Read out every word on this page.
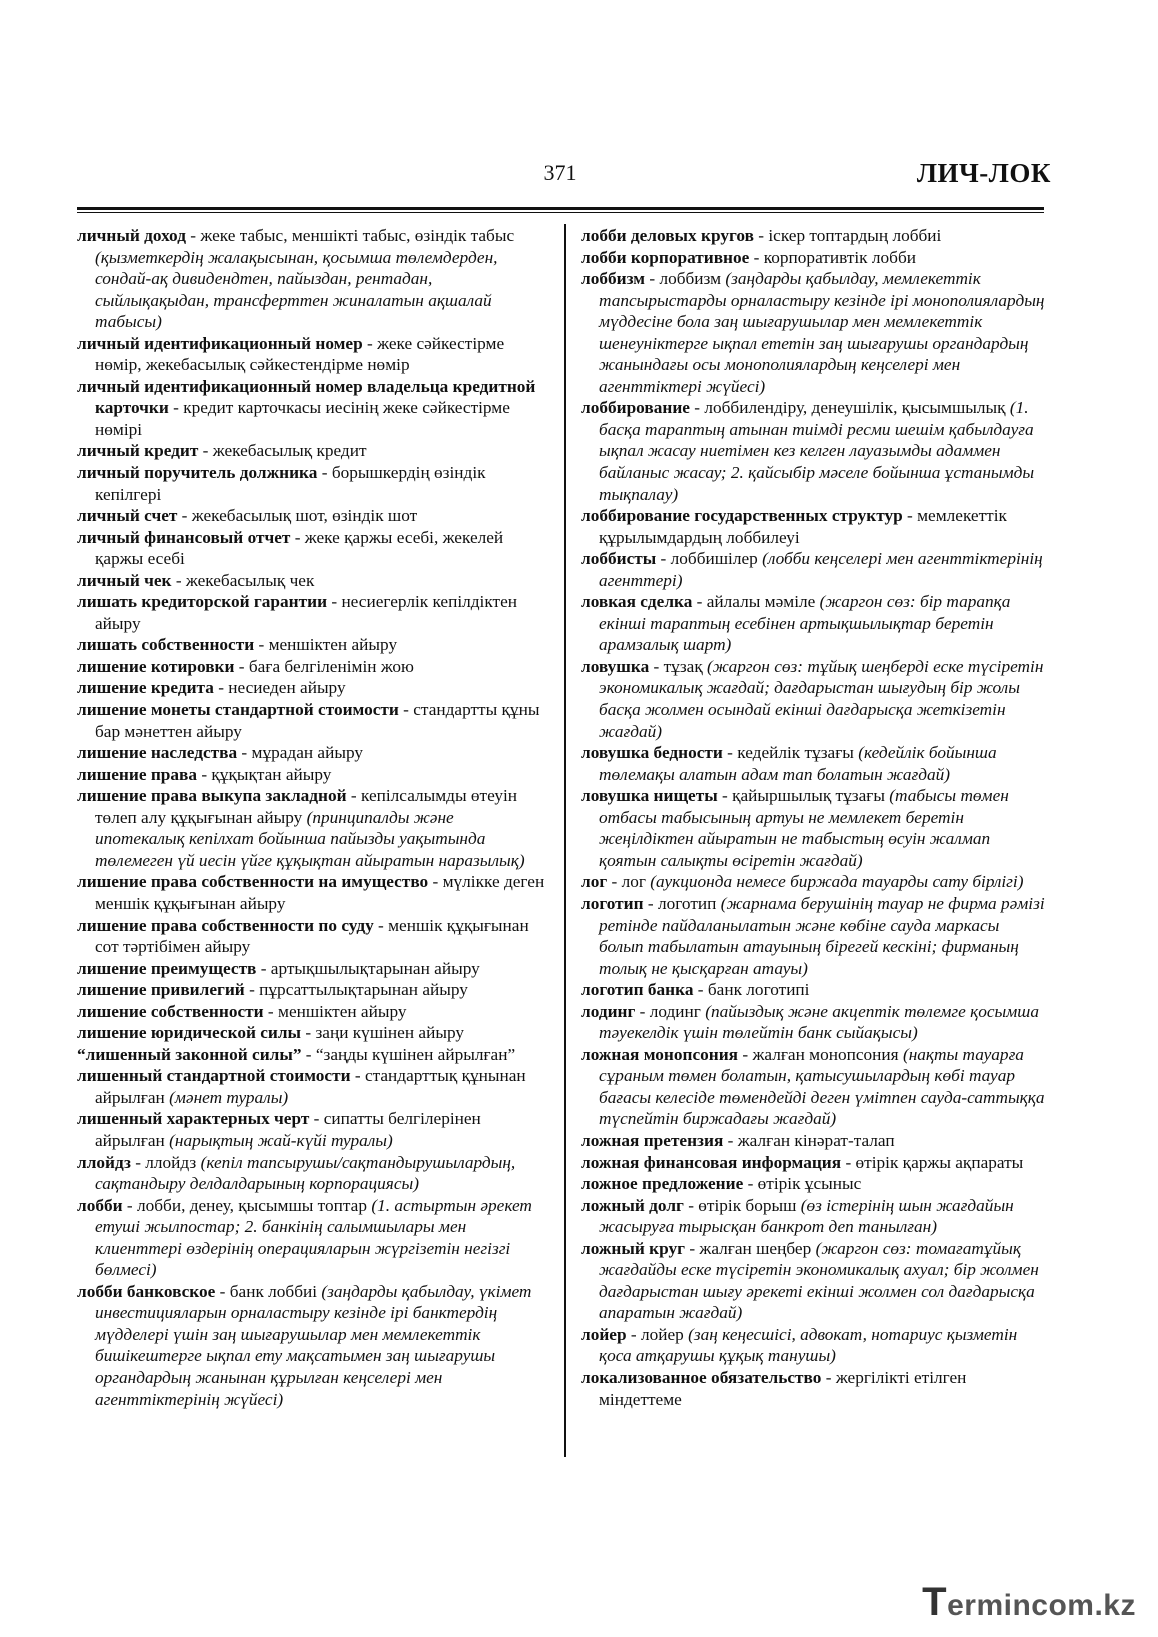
371	ЛИЧ-ЛОК
личный доход - жеке табыс, меншікті табыс, өзіндік табыс (қызметкердің жалақысынан, қосымша төлемдерден, сондай-ақ дивидендтен, пайыздан, рентадан, сыйлықақыдан, трансферттен жиналатын ақшалай табысы)
личный идентификационный номер - жеке сәйкестірме нөмір, жекебасылық сәйкестендірме нөмір
личный идентификационный номер владельца кредитной карточки - кредит карточкасы иесінің жеке сәйкестірме нөмірі
личный кредит - жекебасылық кредит
личный поручитель должника - борышкердің өзіндік кепілгері
личный счет - жекебасылық шот, өзіндік шот
личный финансовый отчет - жеке қаржы есебі, жекелей қаржы есебі
личный чек - жекебасылық чек
лишать кредиторской гарантии - несиегерлік кепілдіктен айыру
лишать собственности - меншіктен айыру
лишение котировки - баға белгіленімін жою
лишение кредита - несиеден айыру
лишение монеты стандартной стоимости - стандартты құны бар мәнеттен айыру
лишение наследства - мұрадан айыру
лишение права - құқықтан айыру
лишение права выкупа закладной - кепілсалымды өтеуін төлеп алу құқығынан айыру (принципалды және ипотекалық кепілхат бойынша пайызды уақытында төлемеген үй иесін үйге құқықтан айыратын наразылық)
лишение права собственности на имущество - мүлікке деген меншік құқығынан айыру
лишение права собственности по суду - меншік құқығынан сот тәртібімен айыру
лишение преимуществ - артықшылықтарынан айыру
лишение привилегий - пұрсаттылықтарынан айыру
лишение собственности - меншіктен айыру
лишение юридической силы - заңи күшінен айыру
“лишенный законной силы” - “заңды күшінен айрылған”
лишенный стандартной стоимости - стандарттық құнынан айрылған (мәнет туралы)
лишенный характерных черт - сипатты белгілерінен айрылған (нарықтың жай-күйі туралы)
ллойдз - ллойдз (кепіл тапсырушы/сақтандырушылардың, сақтандыру делдалдарының корпорациясы)
лобби - лобби, денеу, қысымшы топтар (1. астыртын әрекет етуші жылпостар; 2. банкінің салымшылары мен клиенттері өздерінің операцияларын жүргізетін негізгі бөлмесі)
лобби банковское - банк лоббиі (заңдарды қабылдау, үкімет инвестицияларын орналастыру кезінде ірі банктердің мүдделері үшін заң шығарушылар мен мемлекеттік бишікештерге ықпал ету мақсатымен заң шығарушы органдардың жанынан құрылған кеңселері мен агенттіктерінің жүйесі)
лобби деловых кругов - іскер топтардың лоббиі
лобби корпоративное - корпоративтік лобби
лоббизм - лоббизм (заңдарды қабылдау, мемлекеттік тапсырыстарды орналастыру кезінде ірі монополиялардың мүддесіне бола заң шығарушылар мен мемлекеттік шенеуніктерге ықпал ететін заң шығарушы органдардың жанындағы осы монополиялардың кеңселері мен агенттіктері жүйесі)
лоббирование - лоббилендіру, денеушілік, қысымшылық (1. басқа тараптың атынан тиімді ресми шешім қабылдауға ықпал жасау ниетімен кез келген лауазымды адаммен байланыс жасау; 2. қайсыбір мәселе бойынша ұстанымды тықпалау)
лоббирование государственных структур - мемлекеттік құрылымдардың лоббилеуі
лоббисты - лоббишілер (лобби кеңселері мен агенттіктерінің агенттері)
ловкая сделка - айлалы мәміле (жаргон сөз: бір тарапқа екінші тараптың есебінен артықшылықтар беретін арамзалық шарт)
ловушка - тұзақ (жаргон сөз: тұйық шеңберді еске түсіретін экономикалық жағдай; дағдарыстан шығудың бір жолы басқа жолмен осындай екінші дағдарысқа жеткізетін жағдай)
ловушка бедности - кедейлік тұзағы (кедейлік бойынша төлемақы алатын адам тап болатын жағдай)
ловушка нищеты - қайыршылық тұзағы (табысы төмен отбасы табысының артуы не мемлекет беретін жеңілдіктен айыратын не табыстың өсуін жалмап қоятын салықты өсіретін жағдай)
лог - лог (аукционда немесе биржада тауарды сату бірлігі)
логотип - логотип (жарнама берушінің тауар не фирма рәмізі ретінде пайдаланылатын және көбіне сауда маркасы болып табылатын атауының бірегей кескіні; фирманың толық не қысқарған атауы)
логотип банка - банк логотипі
лодинг - лодинг (пайыздық және акцептік төлемге қосымша тәуекелдік үшін төлейтін банк сыйақысы)
ложная монопсония - жалған монопсония (нақты тауарға сұраным төмен болатын, қатысушылардың көбі тауар бағасы келесіде төмендейді деген үмітпен сауда-саттыққа түспейтін биржадағы жағдай)
ложная претензия - жалған кінәрат-талап
ложная финансовая информация - өтірік қаржы ақпараты
ложное предложение - өтірік ұсыныс
ложный долг - өтірік борыш (өз істерінің шын жағдайын жасыруға тырысқан банкрот деп танылған)
ложный круг - жалған шеңбер (жаргон сөз: томағатұйық жағдайды еске түсіретін экономикалық ахуал; бір жолмен дағдарыстан шығу әрекеті екінші жолмен сол дағдарысқа апаратын жағдай)
лойер - лойер (заң кеңесшісі, адвокат, нотариус қызметін қоса атқарушы құқық танушы)
локализованное обязательство - жергілікті етілген міндеттеме
Termincom.kz
